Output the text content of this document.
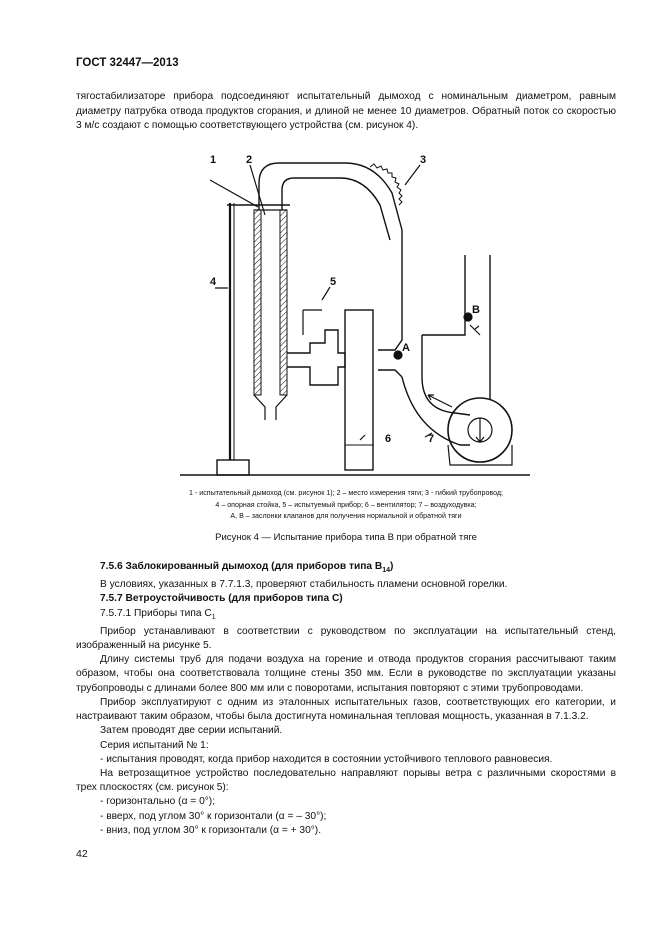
ГОСТ 32447—2013
тягостабилизаторе прибора подсоединяют испытательный дымоход с номинальным диаметром, равным диаметру патрубка отвода продуктов сгорания, и длиной не менее 10 диаметров. Обратный поток со скоростью 3 м/с создают с помощью соответствующего устройства (см. рисунок 4).
1	2	3
4	5
6	7
A
B
1 - испытательный дымоход (см. рисунок 1); 2 – место измерения тяги; 3 - гибкий трубопровод;
4 – опорная стойка, 5 – испытуемый прибор; 6 – вентилятор; 7 – воздуходувка;
А, В – заслонки клапанов для получения нормальной и обратной тяги
Рисунок 4 — Испытание прибора типа В при обратной тяге

7.5.6 Заблокированный дымоход (для приборов типа $В_{14}$)

В условиях, указанных в 7.7.1.3, проверяют стабильность пламени основной горелки.

7.5.7 Ветроустойчивость (для приборов типа С)

7.5.7.1 Приборы типа $С_1$

Прибор устанавливают в соответствии с руководством по эксплуатации на испытательный стенд, изображенный на рисунке 5.

Длину системы труб для подачи воздуха на горение и отвода продуктов сгорания рассчитывают таким образом, чтобы она соответствовала толщине стены 350 мм. Если в руководстве по эксплуатации указаны трубопроводы с длинами более 800 мм или с поворотами, испытания повторяют с этими трубопроводами.

Прибор эксплуатируют с одним из эталонных испытательных газов, соответствующих его категории, и настраивают таким образом, чтобы была достигнута номинальная тепловая мощность, указанная в 7.1.3.2.

Затем проводят две серии испытаний.

Серия испытаний № 1:

- испытания проводят, когда прибор находится в состоянии устойчивого теплового равновесия.

На ветрозащитное устройство последовательно направляют порывы ветра с различными скоростями в трех плоскостях (см. рисунок 5):

- горизонтально (α = 0°);

- вверх, под углом 30° к горизонтали (α = – 30°);

- вниз, под углом 30° к горизонтали (α = + 30°).

42
